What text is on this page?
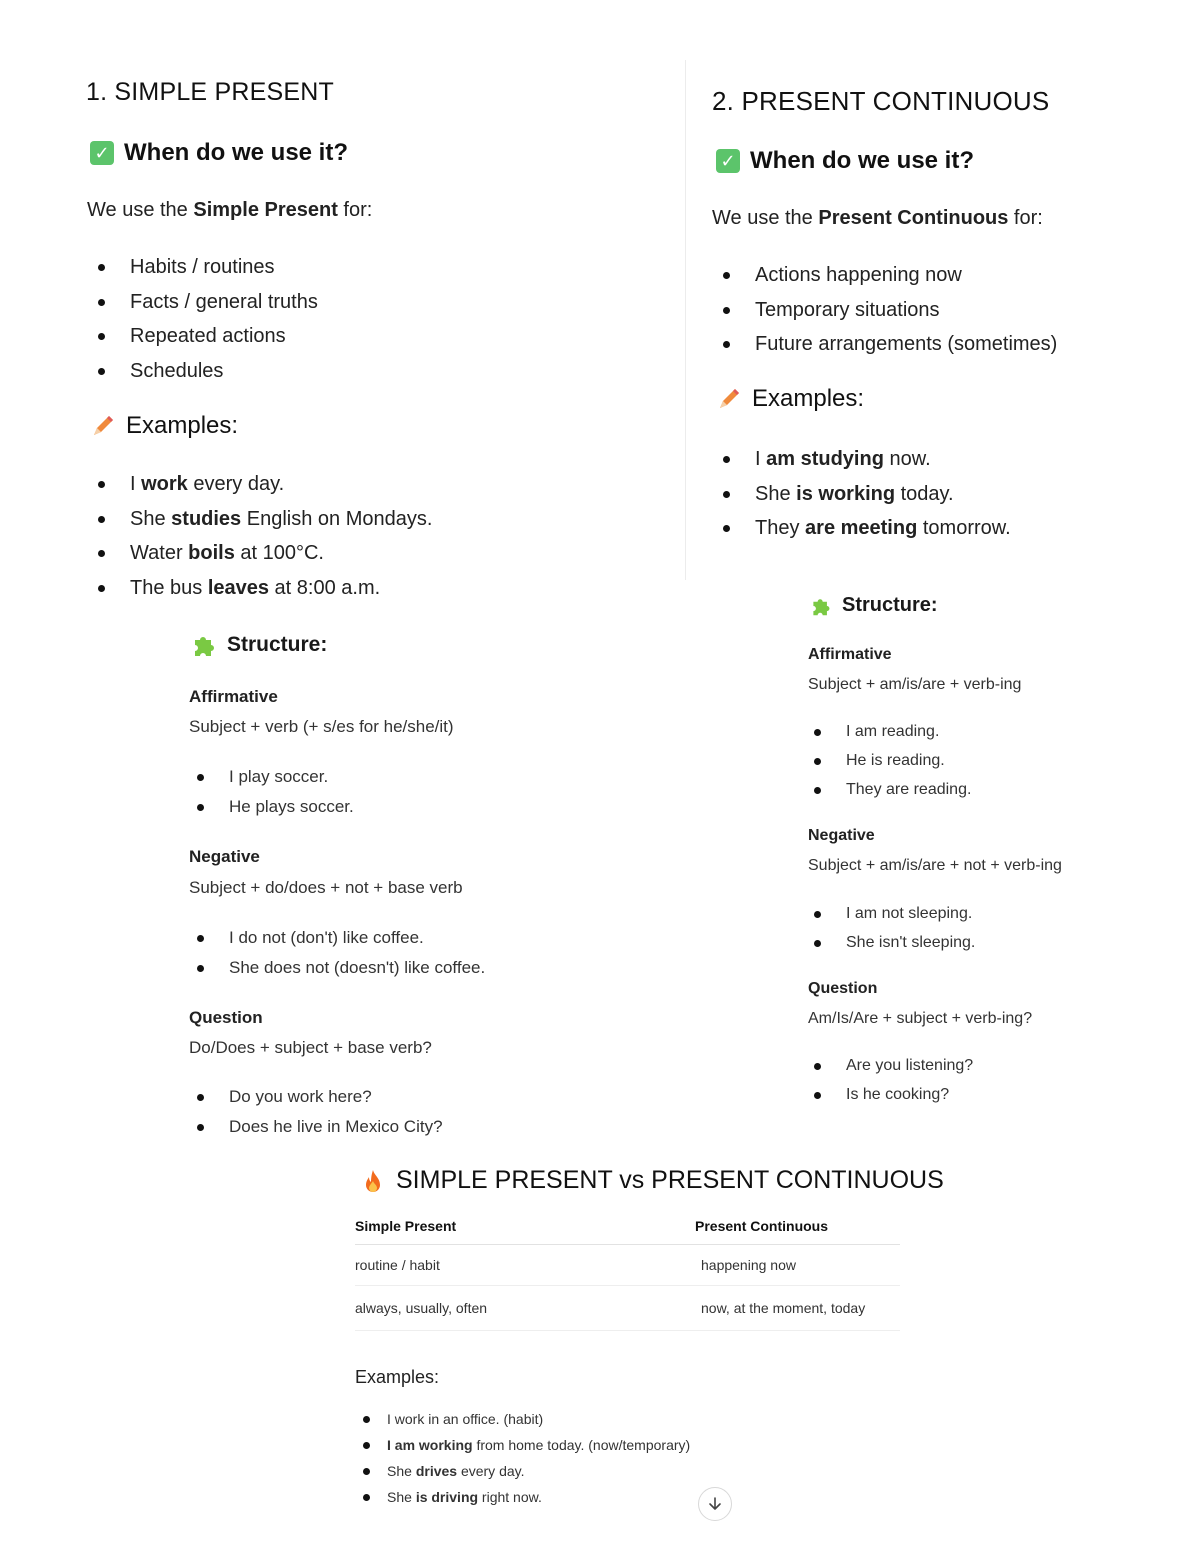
1. SIMPLE PRESENT
✓ When do we use it?
We use the Simple Present for:
Habits / routines
Facts / general truths
Repeated actions
Schedules
Examples:
I work every day.
She studies English on Mondays.
Water boils at 100°C.
The bus leaves at 8:00 a.m.
Structure:
Affirmative
Subject + verb (+ s/es for he/she/it)
I play soccer.
He plays soccer.
Negative
Subject + do/does + not + base verb
I do not (don't) like coffee.
She does not (doesn't) like coffee.
Question
Do/Does + subject + base verb?
Do you work here?
Does he live in Mexico City?
2. PRESENT CONTINUOUS
✓ When do we use it?
We use the Present Continuous for:
Actions happening now
Temporary situations
Future arrangements (sometimes)
Examples:
I am studying now.
She is working today.
They are meeting tomorrow.
Structure:
Affirmative
Subject + am/is/are + verb-ing
I am reading.
He is reading.
They are reading.
Negative
Subject + am/is/are + not + verb-ing
I am not sleeping.
She isn't sleeping.
Question
Am/Is/Are + subject + verb-ing?
Are you listening?
Is he cooking?
SIMPLE PRESENT vs PRESENT CONTINUOUS
Simple Present	Present Continuous
routine / habit	happening now
always, usually, often	now, at the moment, today
Examples:
I work in an office. (habit)
I am working from home today. (now/temporary)
She drives every day.
She is driving right now.
